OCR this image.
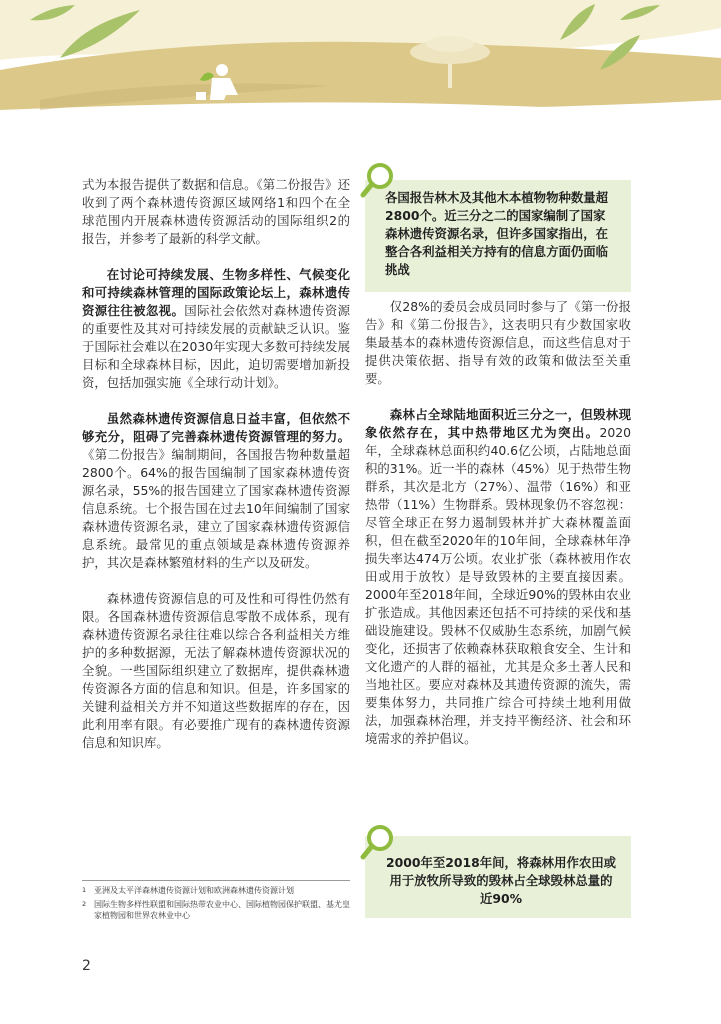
式为本报告提供了数据和信息。《第二份报告》还收到了两个森林遗传资源区域网络1和四个在全球范围内开展森林遗传资源活动的国际组织2的报告，并参考了最新的科学文献。

在讨论可持续发展、生物多样性、气候变化和可持续森林管理的国际政策论坛上，森林遗传资源往往被忽视。国际社会依然对森林遗传资源的重要性及其对可持续发展的贡献缺乏认识。鉴于国际社会难以在2030年实现大多数可持续发展目标和全球森林目标，因此，迫切需要增加新投资，包括加强实施《全球行动计划》。

虽然森林遗传资源信息日益丰富，但依然不够充分，阻碍了完善森林遗传资源管理的努力。《第二份报告》编制期间，各国报告物种数量超2800个。64%的报告国编制了国家森林遗传资源名录，55%的报告国建立了国家森林遗传资源信息系统。七个报告国在过去10年间编制了国家森林遗传资源名录，建立了国家森林遗传资源信息系统。最常见的重点领域是森林遗传资源养护，其次是森林繁殖材料的生产以及研发。

森林遗传资源信息的可及性和可得性仍然有限。各国森林遗传资源信息零散不成体系，现有森林遗传资源名录往往难以综合各利益相关方维护的多种数据源，无法了解森林遗传资源状况的全貌。一些国际组织建立了数据库，提供森林遗传资源各方面的信息和知识。但是，许多国家的关键利益相关方并不知道这些数据库的存在，因此利用率有限。有必要推广现有的森林遗传资源信息和知识库。

各国报告林木及其他木本植物物种数量超2800个。近三分之二的国家编制了国家森林遗传资源名录，但许多国家指出，在整合各利益相关方持有的信息方面仍面临挑战

仅28%的委员会成员同时参与了《第一份报告》和《第二份报告》，这表明只有少数国家收集最基本的森林遗传资源信息，而这些信息对于提供决策依据、指导有效的政策和做法至关重要。

森林占全球陆地面积近三分之一，但毁林现象依然存在，其中热带地区尤为突出。2020年，全球森林总面积约40.6亿公顷，占陆地总面积的31%。近一半的森林（45%）见于热带生物群系，其次是北方（27%）、温带（16%）和亚热带（11%）生物群系。毁林现象仍不容忽视：尽管全球正在努力遏制毁林并扩大森林覆盖面积，但在截至2020年的10年间，全球森林年净损失率达474万公顷。农业扩张（森林被用作农田或用于放牧）是导致毁林的主要直接因素。2000年至2018年间，全球近90%的毁林由农业扩张造成。其他因素还包括不可持续的采伐和基础设施建设。毁林不仅威胁生态系统，加剧气候变化，还损害了依赖森林获取粮食安全、生计和文化遗产的人群的福祉，尤其是众多土著人民和当地社区。要应对森林及其遗传资源的流失，需要集体努力，共同推广综合可持续土地利用做法，加强森林治理，并支持平衡经济、社会和环境需求的养护倡议。

2000年至2018年间，将森林用作农田或用于放牧所导致的毁林占全球毁林总量的近90%
1 亚洲及太平洋森林遗传资源计划和欧洲森林遗传资源计划
2 国际生物多样性联盟和国际热带农业中心、国际植物园保护联盟、基尤皇家植物园和世界农林业中心
2
